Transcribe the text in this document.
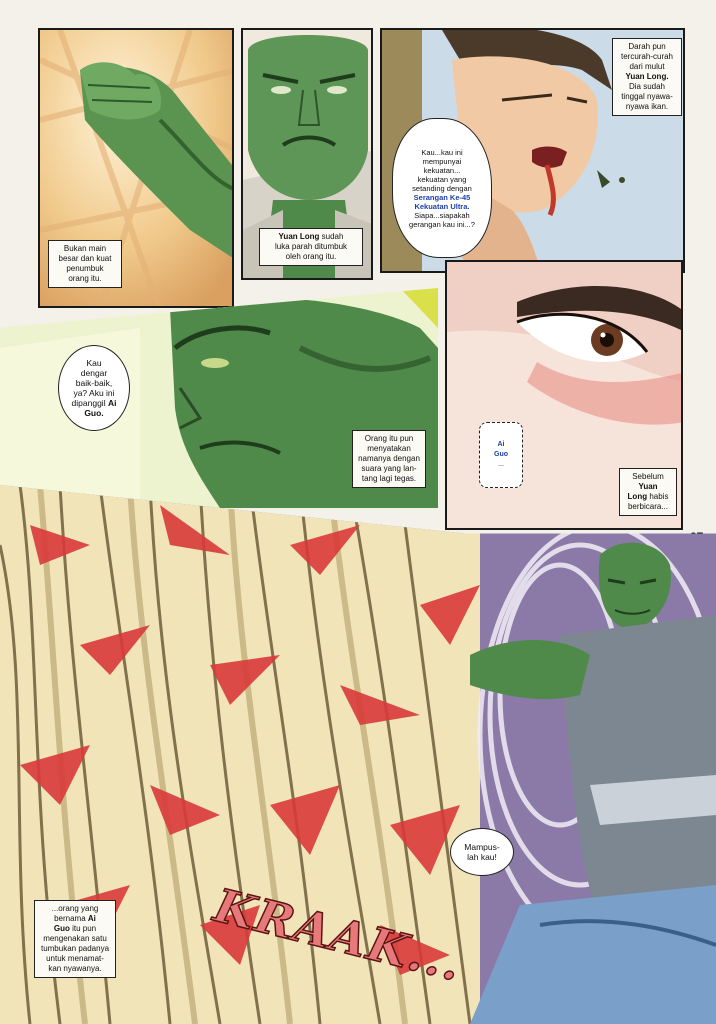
Bukan main
besar dan kuat
penumbuk
orang itu.
Yuan Long sudah
luka parah ditumbuk
oleh orang itu.
Darah pun
tercurah-curah
dari mulut
Yuan Long.
Dia sudah
tinggal nyawa-
nyawa ikan.
Kau...kau ini
mempunyai
kekuatan...
kekuatan yang
setanding dengan
Serangan Ke-45
Kekuatan Ultra.
Siapa...siapakah
gerangan kau ini...?
Kau
dengar
baik-baik,
ya? Aku ini
dipanggil Ai
Guo.
Orang itu pun
menyatakan
namanya dengan
suara yang lan-
tang lagi tegas.
Ai
Guo
...
Sebelum
Yuan
Long habis
berbicara...
Mampus-
lah kau!
KRAAK...
...orang yang
bernama Ai
Guo itu pun
mengenakan satu
tumbukan padanya
untuk menamat-
kan nyawanya.
